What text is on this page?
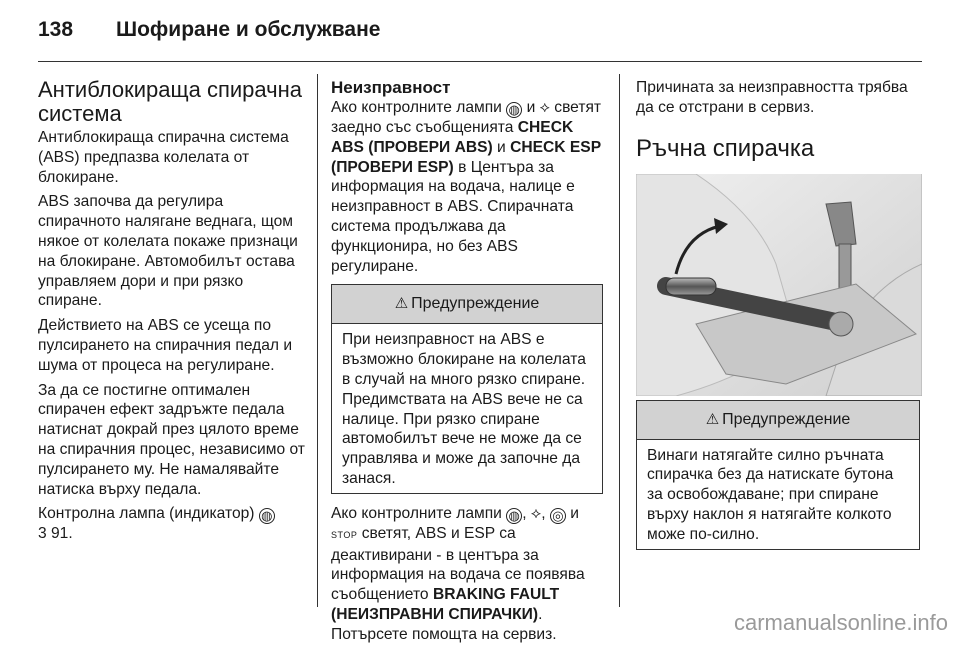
138 Шофиране и обслужване
Антиблокираща спирачна система

Антиблокираща спирачна система (ABS) предпазва колелата от блокиране.

ABS започва да регулира спирачното налягане веднага, щом някое от колелата покаже признаци на блокиране. Автомобилът остава управляем дори и при рязко спиране.

Действието на ABS се усеща по пулсирането на спирачния педал и шума от процеса на регулиране.

За да се постигне оптимален спирачен ефект задръжте педала натиснат докрай през цялото време на спирачния процес, независимо от пулсирането му. Не намалявайте натиска върху педала.

Контролна лампа (индикатор) ◍
3 91.

Неизправност

Ако контролните лампи ◍ и ⟡ светят заедно със съобщенията CHECK ABS (ПРОВЕРИ ABS) и CHECK ESP (ПРОВЕРИ ESP) в Центъра за информация на водача, налице е неизправност в ABS. Спирачната система продължава да функционира, но без ABS регулиране.

⚠ Предупреждение
При неизправност на ABS е възможно блокиране на колелата в случай на много рязко спиране. Предимствата на ABS вече не са налице. При рязко спиране автомобилът вече не може да се управлява и може да започне да занася.

Ако контролните лампи ◍ , ⟡, ◎ и STOP светят, ABS и ESP са деактивирани - в центъра за информация на водача се появява съобщението BRAKING FAULT (НЕИЗПРАВНИ СПИРАЧКИ). Потърсете помощта на сервиз.

Причината за неизправността трябва да се отстрани в сервиз.

Ръчна спирачка
⚠ Предупреждение
Винаги натягайте силно ръчната спирачка без да натискате бутона за освобождаване; при спиране върху наклон я натягайте колкото може по-силно.
carmanualsonline.info
